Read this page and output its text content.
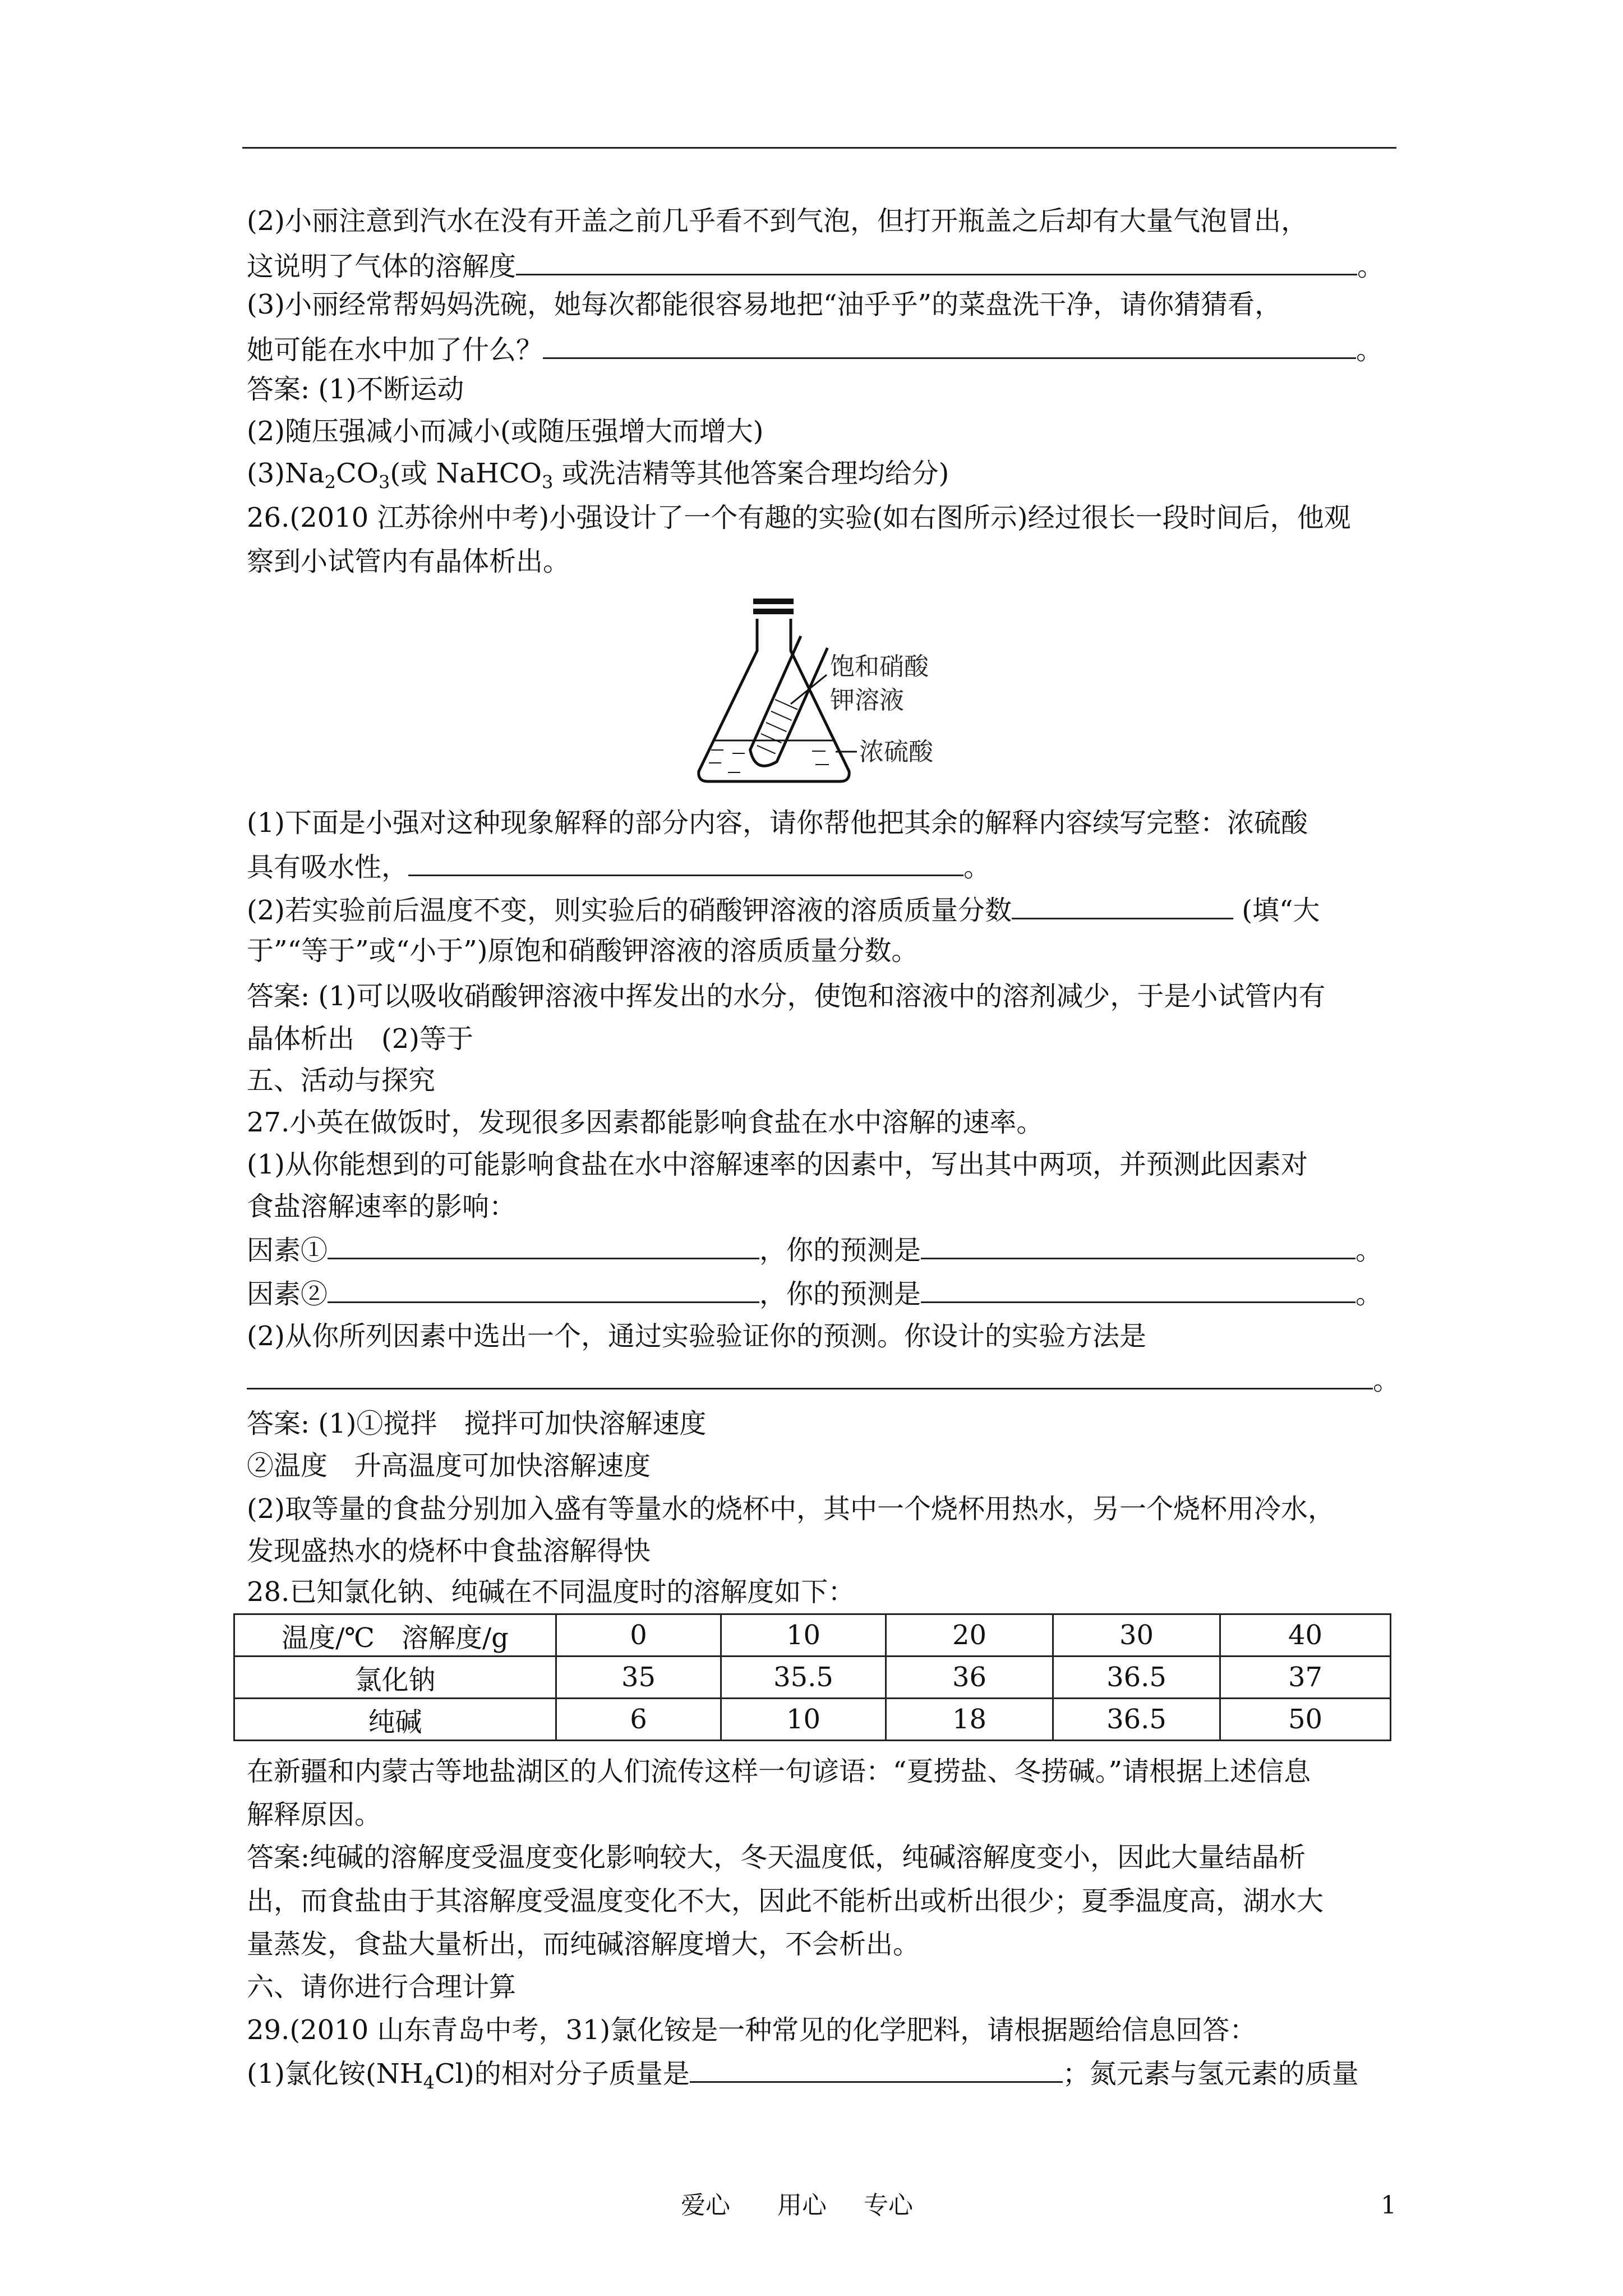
(2)小丽注意到汽水在没有开盖之前几乎看不到气泡，但打开瓶盖之后却有大量气泡冒出，
这说明了气体的溶解度	。
(3)小丽经常帮妈妈洗碗，她每次都能很容易地把“油乎乎”的菜盘洗干净，请你猜猜看，
她可能在水中加了什么？	。
答案: (1)不断运动
(2)随压强减小而减小(或随压强增大而增大)
$(3)Na_2CO_3$(或 NaHCO$_3$ 或洗洁精等其他答案合理均给分)
26.(2010 江苏徐州中考)小强设计了一个有趣的实验(如右图所示)经过很长一段时间后，他观
察到小试管内有晶体析出。
饱和硝酸
钾溶液
浓硫酸
(1)下面是小强对这种现象解释的部分内容，请你帮他把其余的解释内容续写完整：浓硫酸
具有吸水性，	。
(2)若实验前后温度不变，则实验后的硝酸钾溶液的溶质质量分数	(填“大
于”“等于”或“小于”)原饱和硝酸钾溶液的溶质质量分数。
答案: (1)可以吸收硝酸钾溶液中挥发出的水分，使饱和溶液中的溶剂减少，于是小试管内有
晶体析出　(2)等于
五、活动与探究
27.小英在做饭时，发现很多因素都能影响食盐在水中溶解的速率。
(1)从你能想到的可能影响食盐在水中溶解速率的因素中，写出其中两项，并预测此因素对
食盐溶解速率的影响：
因素①	，你的预测是	。
因素②	，你的预测是	。
(2)从你所列因素中选出一个，通过实验验证你的预测。你设计的实验方法是
。
答案: (1)①搅拌　搅拌可加快溶解速度
②温度　升高温度可加快溶解速度
(2)取等量的食盐分别加入盛有等量水的烧杯中，其中一个烧杯用热水，另一个烧杯用冷水，
发现盛热水的烧杯中食盐溶解得快
28.已知氯化钠、纯碱在不同温度时的溶解度如下：
温度/℃　溶解度/g	0	10	20	30	40
氯化钠	35	35.5	36	36.5	37
纯碱	6	10	18	36.5	50
在新疆和内蒙古等地盐湖区的人们流传这样一句谚语：“夏捞盐、冬捞碱。”请根据上述信息
解释原因。
答案:纯碱的溶解度受温度变化影响较大，冬天温度低，纯碱溶解度变小，因此大量结晶析
出，而食盐由于其溶解度受温度变化不大，因此不能析出或析出很少；夏季温度高，湖水大
量蒸发，食盐大量析出，而纯碱溶解度增大，不会析出。
六、请你进行合理计算
29.(2010 山东青岛中考，31)氯化铵是一种常见的化学肥料，请根据题给信息回答：
(1)氯化铵$(NH_4Cl)$的相对分子质量是	；氮元素与氢元素的质量
爱心 用心 专心	1
